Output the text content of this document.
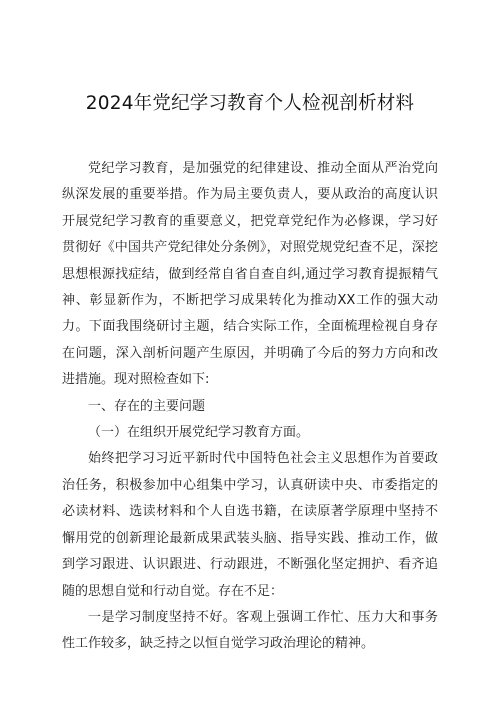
2024年党纪学习教育个人检视剖析材料

党纪学习教育，是加强党的纪律建设、推动全面从严治党向纵深发展的重要举措。作为局主要负责人，要从政治的高度认识开展党纪学习教育的重要意义，把党章党纪作为必修课，学习好贯彻好《中国共产党纪律处分条例》，对照党规党纪查不足，深挖思想根源找症结，做到经常自省自查自纠,通过学习教育提振精气神、彰显新作为，不断把学习成果转化为推动XX工作的强大动力。下面我围绕研讨主题，结合实际工作，全面梳理检视自身存在问题，深入剖析问题产生原因，并明确了今后的努力方向和改进措施。现对照检查如下:

一、存在的主要问题

（一）在组织开展党纪学习教育方面。

始终把学习习近平新时代中国特色社会主义思想作为首要政治任务，积极参加中心组集中学习，认真研读中央、市委指定的必读材料、选读材料和个人自选书籍，在读原著学原理中坚持不懈用党的创新理论最新成果武装头脑、指导实践、推动工作，做到学习跟进、认识跟进、行动跟进，不断强化坚定拥护、看齐追随的思想自觉和行动自觉。存在不足：

一是学习制度坚持不好。客观上强调工作忙、压力大和事务性工作较多，缺乏持之以恒自觉学习政治理论的精神。
